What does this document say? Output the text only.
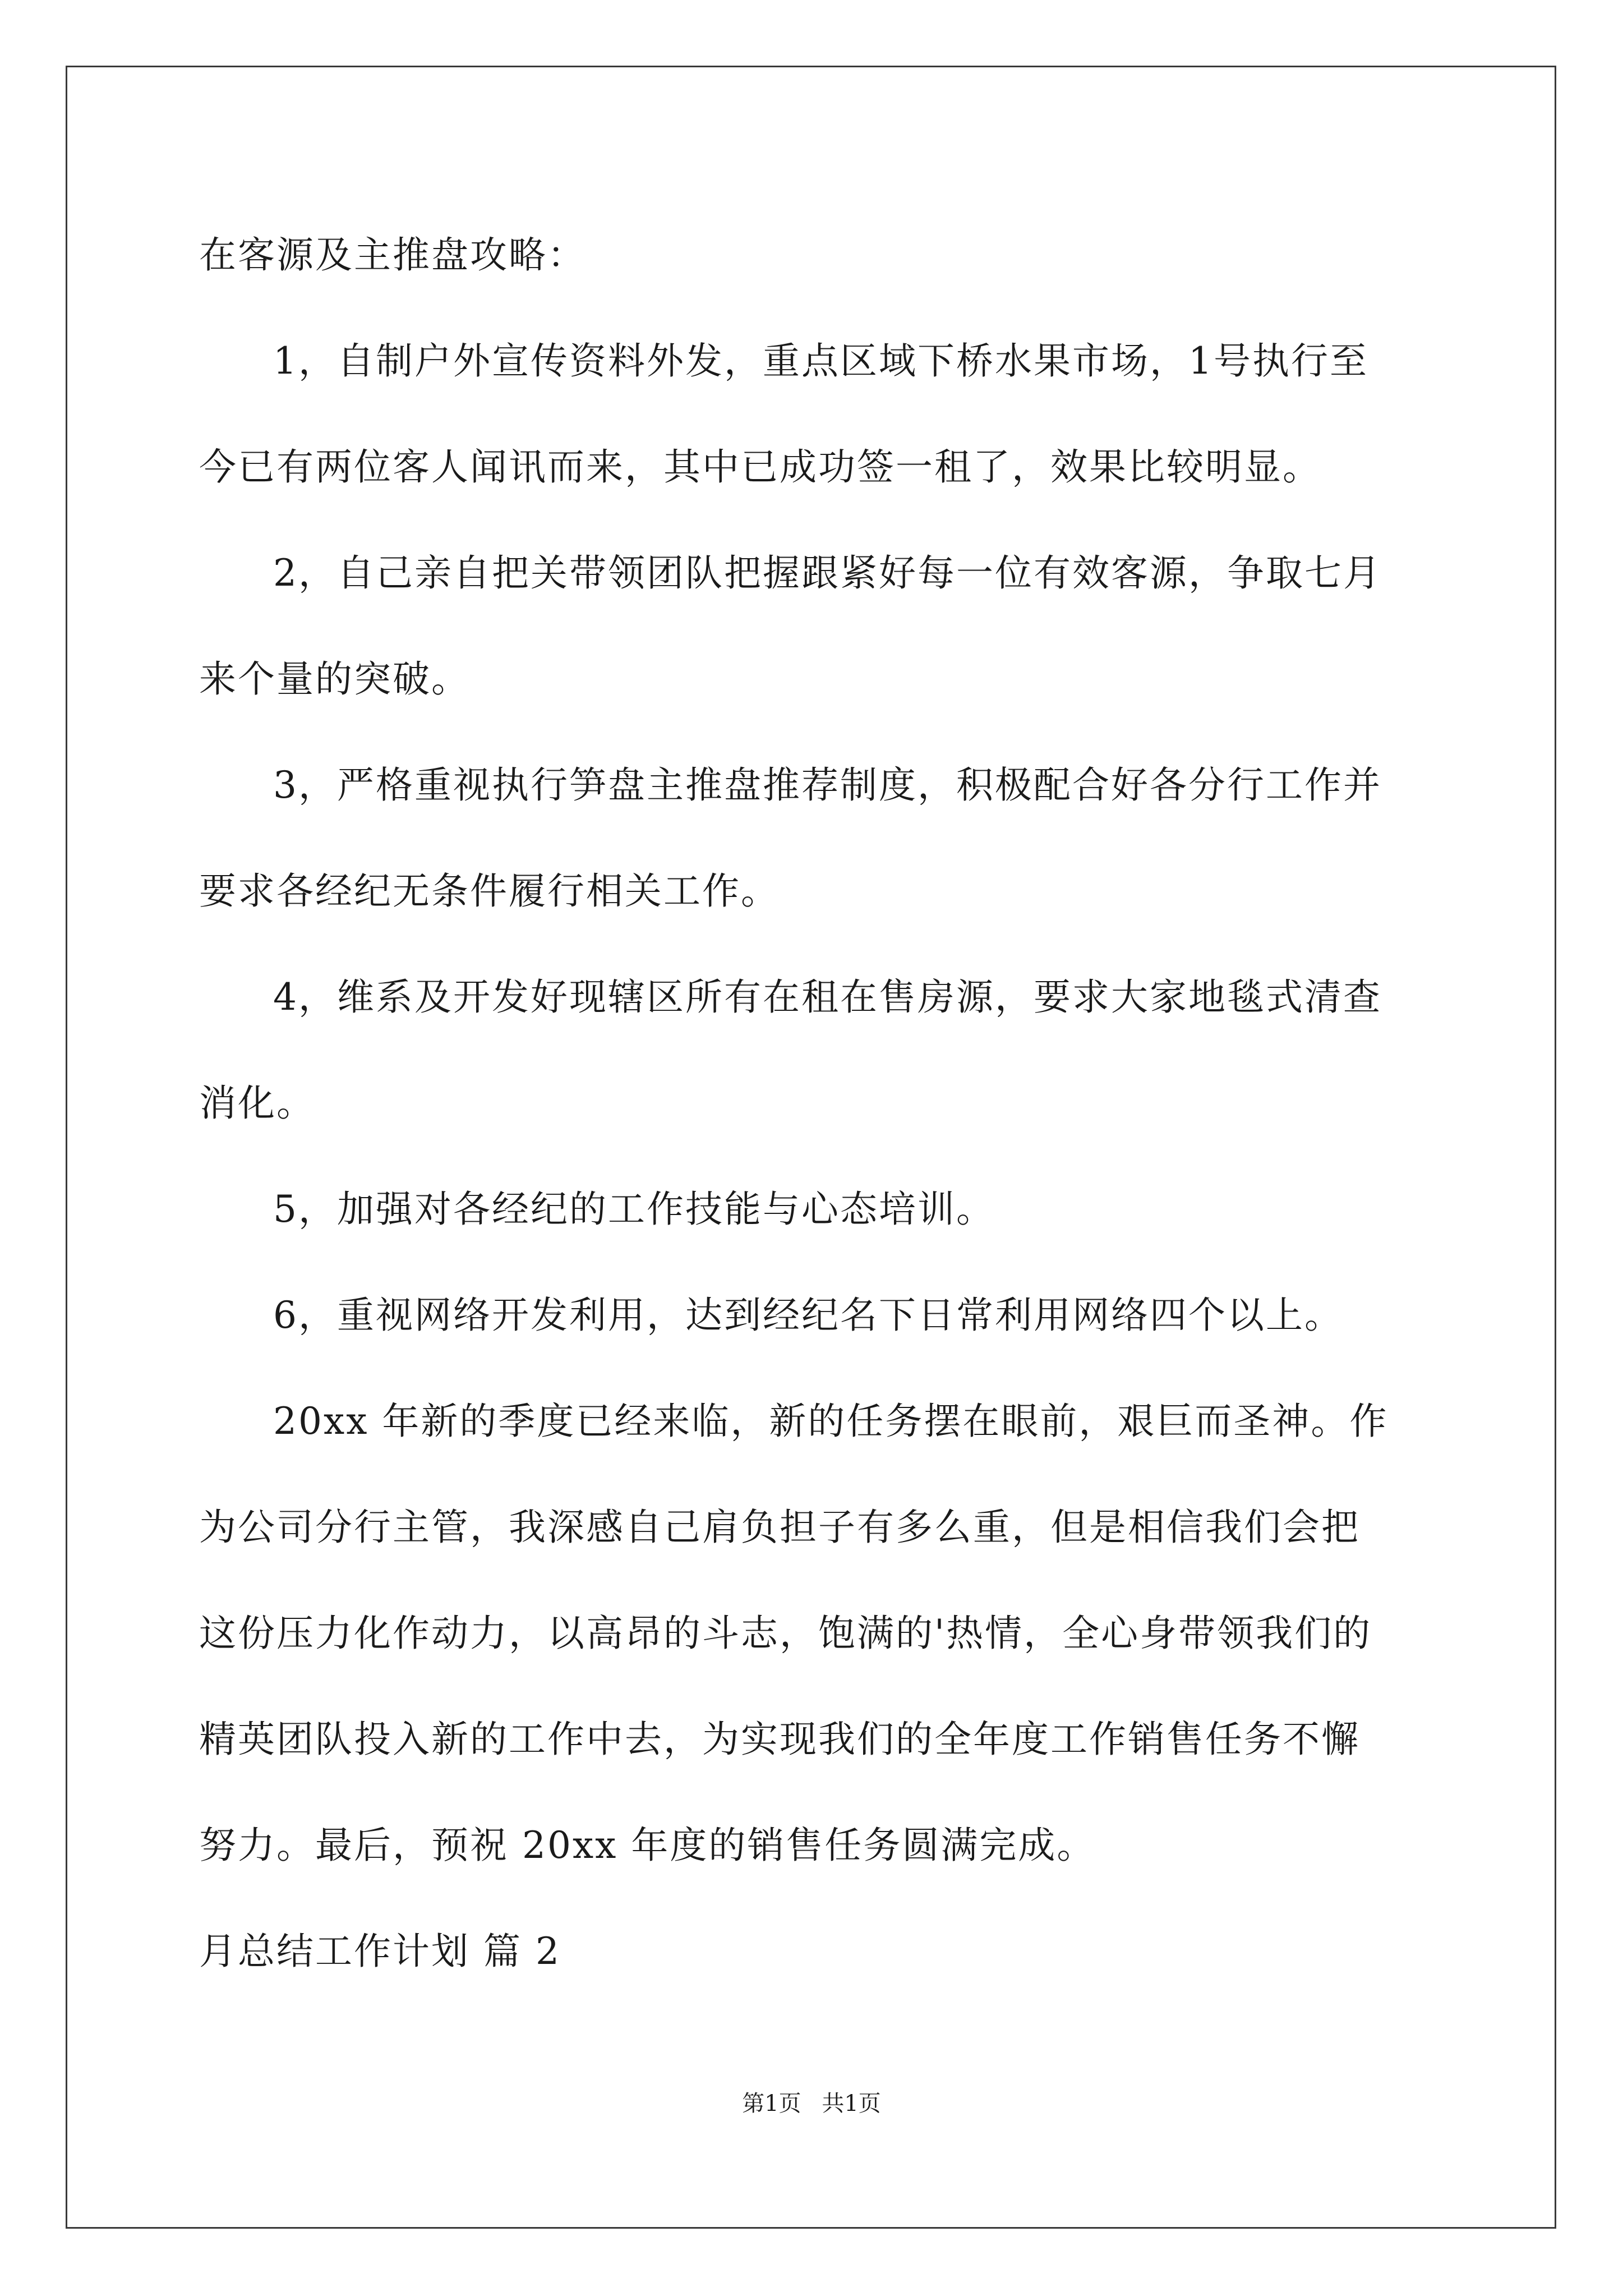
在客源及主推盘攻略：

1，自制户外宣传资料外发，重点区域下桥水果市场，1号执行至

今已有两位客人闻讯而来，其中已成功签一租了，效果比较明显。

2，自己亲自把关带领团队把握跟紧好每一位有效客源，争取七月

来个量的突破。

3，严格重视执行笋盘主推盘推荐制度，积极配合好各分行工作并

要求各经纪无条件履行相关工作。

4，维系及开发好现辖区所有在租在售房源，要求大家地毯式清查

消化。

5，加强对各经纪的工作技能与心态培训。

6，重视网络开发利用，达到经纪名下日常利用网络四个以上。

20xx 年新的季度已经来临，新的任务摆在眼前，艰巨而圣神。作

为公司分行主管，我深感自己肩负担子有多么重，但是相信我们会把

这份压力化作动力，以高昂的斗志，饱满的'热情，全心身带领我们的

精英团队投入新的工作中去，为实现我们的全年度工作销售任务不懈

努力。最后，预祝 20xx 年度的销售任务圆满完成。

月总结工作计划 篇 2

第1页 共1页
